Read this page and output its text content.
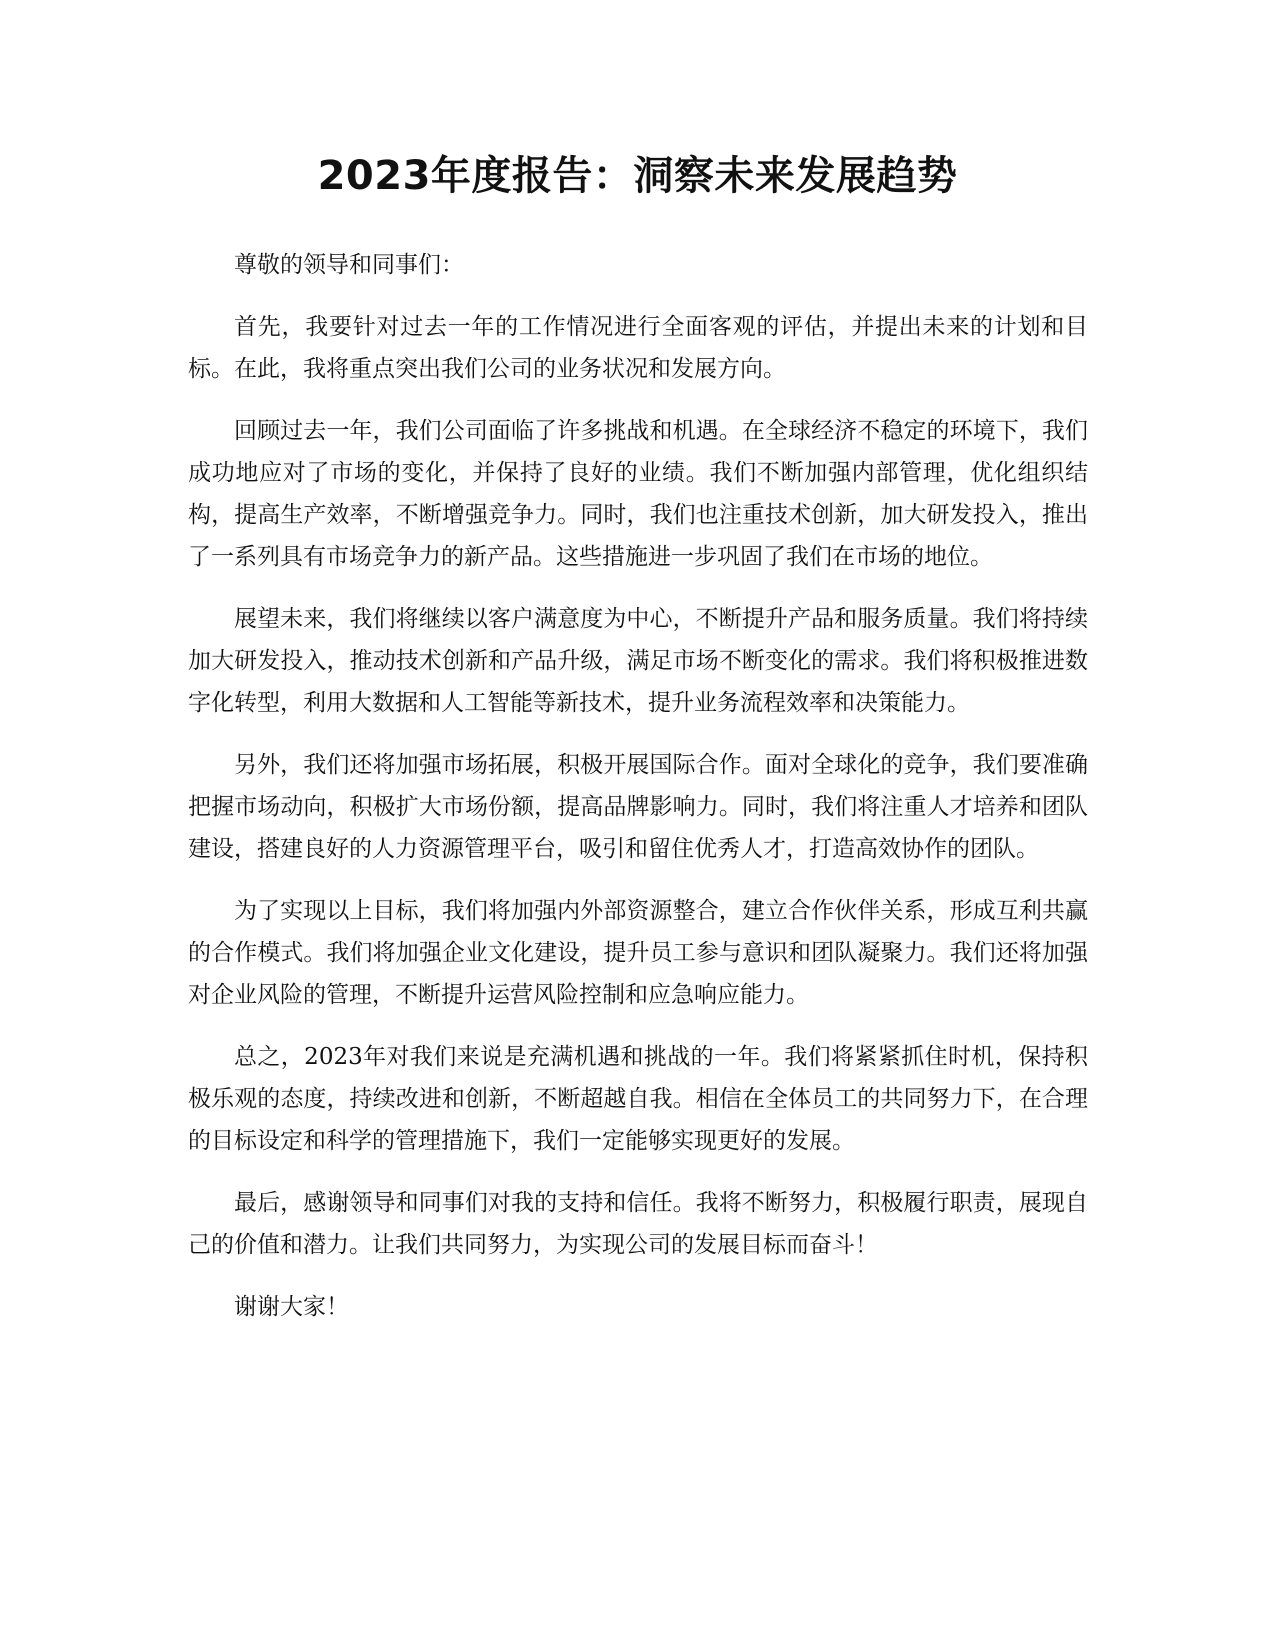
2023年度报告：洞察未来发展趋势

尊敬的领导和同事们：

首先，我要针对过去一年的工作情况进行全面客观的评估，并提出未来的计划和目标。在此，我将重点突出我们公司的业务状况和发展方向。

回顾过去一年，我们公司面临了许多挑战和机遇。在全球经济不稳定的环境下，我们成功地应对了市场的变化，并保持了良好的业绩。我们不断加强内部管理，优化组织结构，提高生产效率，不断增强竞争力。同时，我们也注重技术创新，加大研发投入，推出了一系列具有市场竞争力的新产品。这些措施进一步巩固了我们在市场的地位。

展望未来，我们将继续以客户满意度为中心，不断提升产品和服务质量。我们将持续加大研发投入，推动技术创新和产品升级，满足市场不断变化的需求。我们将积极推进数字化转型，利用大数据和人工智能等新技术，提升业务流程效率和决策能力。

另外，我们还将加强市场拓展，积极开展国际合作。面对全球化的竞争，我们要准确把握市场动向，积极扩大市场份额，提高品牌影响力。同时，我们将注重人才培养和团队建设，搭建良好的人力资源管理平台，吸引和留住优秀人才，打造高效协作的团队。

为了实现以上目标，我们将加强内外部资源整合，建立合作伙伴关系，形成互利共赢的合作模式。我们将加强企业文化建设，提升员工参与意识和团队凝聚力。我们还将加强对企业风险的管理，不断提升运营风险控制和应急响应能力。

总之，2023年对我们来说是充满机遇和挑战的一年。我们将紧紧抓住时机，保持积极乐观的态度，持续改进和创新，不断超越自我。相信在全体员工的共同努力下，在合理的目标设定和科学的管理措施下，我们一定能够实现更好的发展。

最后，感谢领导和同事们对我的支持和信任。我将不断努力，积极履行职责，展现自己的价值和潜力。让我们共同努力，为实现公司的发展目标而奋斗！

谢谢大家！
